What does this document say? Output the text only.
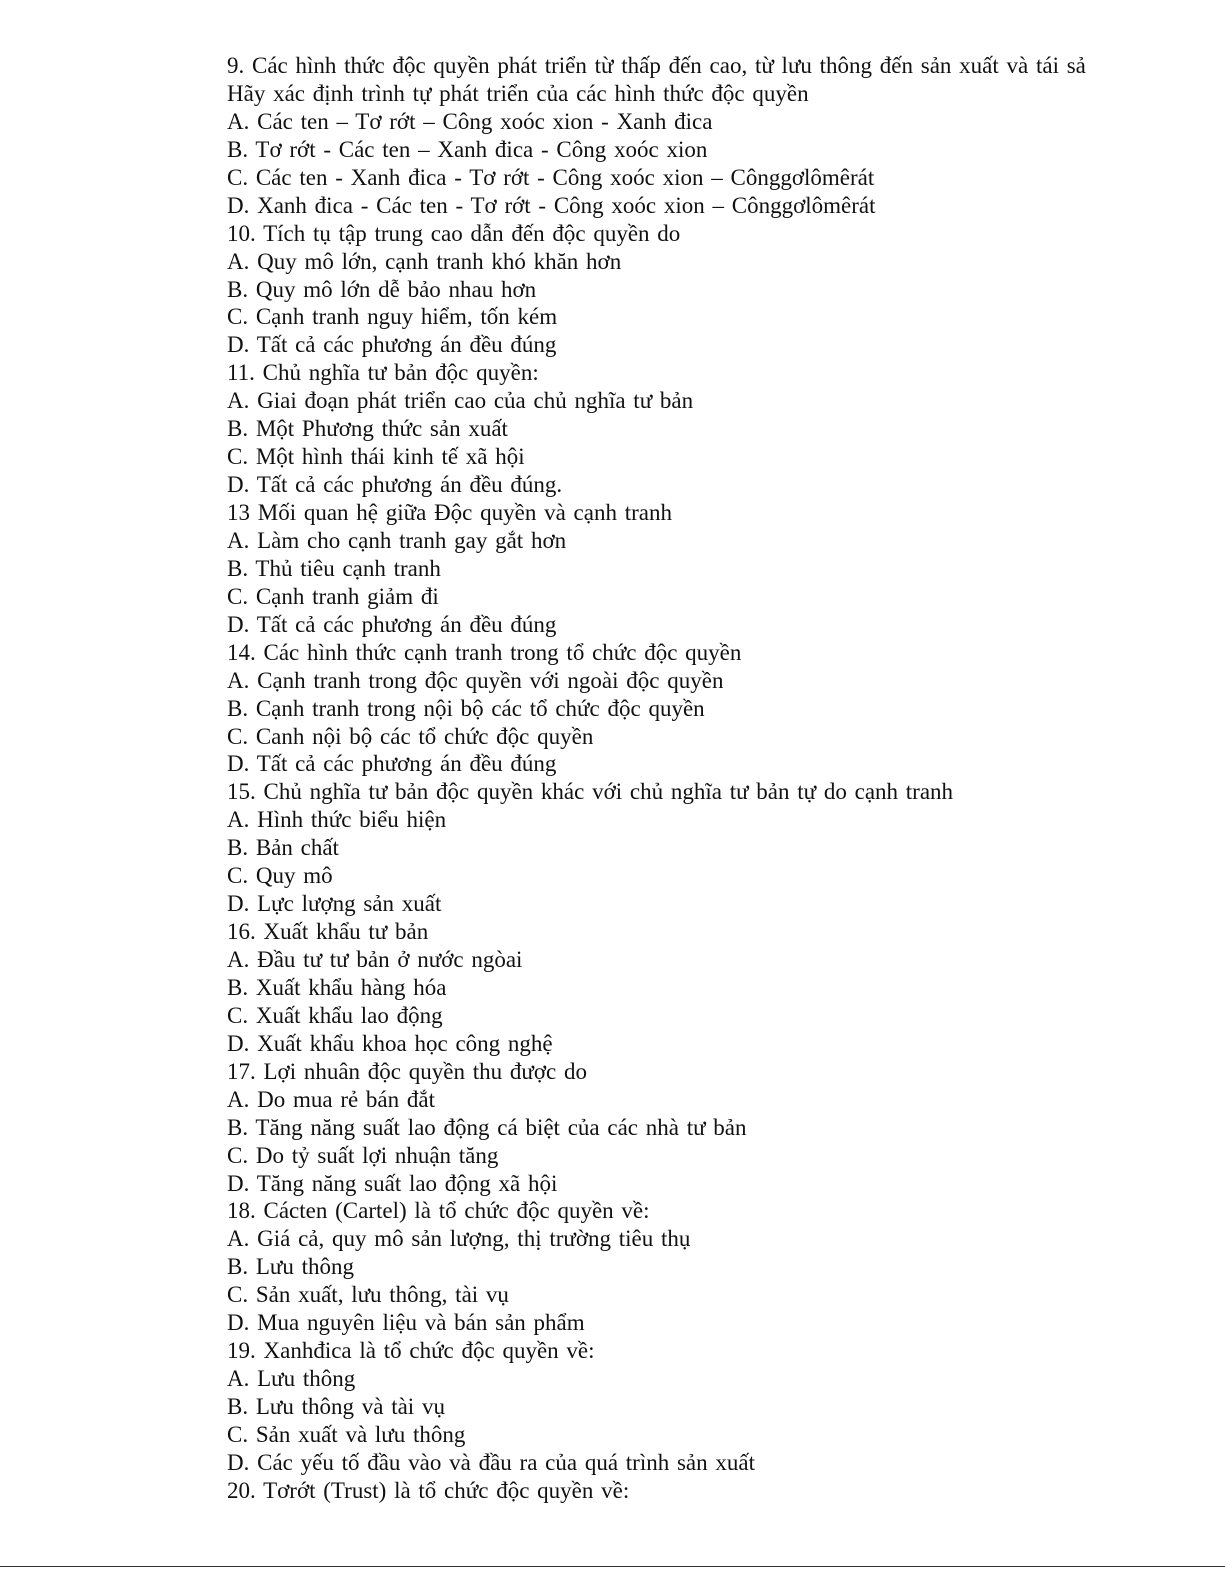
9. Các hình thức độc quyền phát triển từ thấp đến cao, từ lưu thông đến sản xuất và tái sả
Hãy xác định trình tự phát triển của các hình thức độc quyền
A. Các ten – Tơ rớt – Công xoóc xion - Xanh đica
B. Tơ rớt - Các ten – Xanh đica - Công xoóc xion
C. Các ten - Xanh đica - Tơ rớt - Công xoóc xion – Cônggơlômêrát
D. Xanh đica - Các ten - Tơ rớt - Công xoóc xion – Cônggơlômêrát
10. Tích tụ tập trung cao dẫn đến độc quyền do
A. Quy mô lớn, cạnh tranh khó khăn hơn
B. Quy mô lớn dễ bảo nhau hơn
C. Cạnh tranh nguy hiểm, tốn kém
D. Tất cả các phương án đều đúng
11. Chủ nghĩa tư bản độc quyền:
A. Giai đoạn phát triển cao của chủ nghĩa tư bản
B. Một Phương thức sản xuất
C. Một hình thái kinh tế xã hội
D. Tất cả các phương án đều đúng.
13 Mối quan hệ giữa Độc quyền và cạnh tranh
A. Làm cho cạnh tranh gay gắt hơn
B. Thủ tiêu cạnh tranh
C. Cạnh tranh giảm đi
D. Tất cả các phương án đều đúng
14. Các hình thức cạnh tranh trong tổ chức độc quyền
A. Cạnh tranh trong độc quyền với ngoài độc quyền
B. Cạnh tranh trong nội bộ các tổ chức độc quyền
C. Canh nội bộ các tổ chức độc quyền
D. Tất cả các phương án đều đúng
15. Chủ nghĩa tư bản độc quyền khác với chủ nghĩa tư bản tự do cạnh tranh
A. Hình thức biểu hiện
B. Bản chất
C. Quy mô
D. Lực lượng sản xuất
16. Xuất khẩu tư bản
A. Đầu tư tư bản ở nước ngòai
B. Xuất khẩu hàng hóa
C. Xuất khẩu lao động
D. Xuất khẩu khoa học công nghệ
17. Lợi nhuân độc quyền thu được do
A. Do mua rẻ bán đắt
B. Tăng năng suất lao động cá biệt của các nhà tư bản
C. Do tỷ suất lợi nhuận tăng
D. Tăng năng suất lao động xã hội
18. Cácten (Cartel) là tổ chức độc quyền về:
A. Giá cả, quy mô sản lượng, thị trường tiêu thụ
B. Lưu thông
C. Sản xuất, lưu thông, tài vụ
D. Mua nguyên liệu và bán sản phẩm
19. Xanhđica là tổ chức độc quyền về:
A. Lưu thông
B. Lưu thông và tài vụ
C. Sản xuất và lưu thông
D. Các yếu tố đầu vào và đầu ra của quá trình sản xuất
20. Tơrớt (Trust) là tổ chức độc quyền về:
